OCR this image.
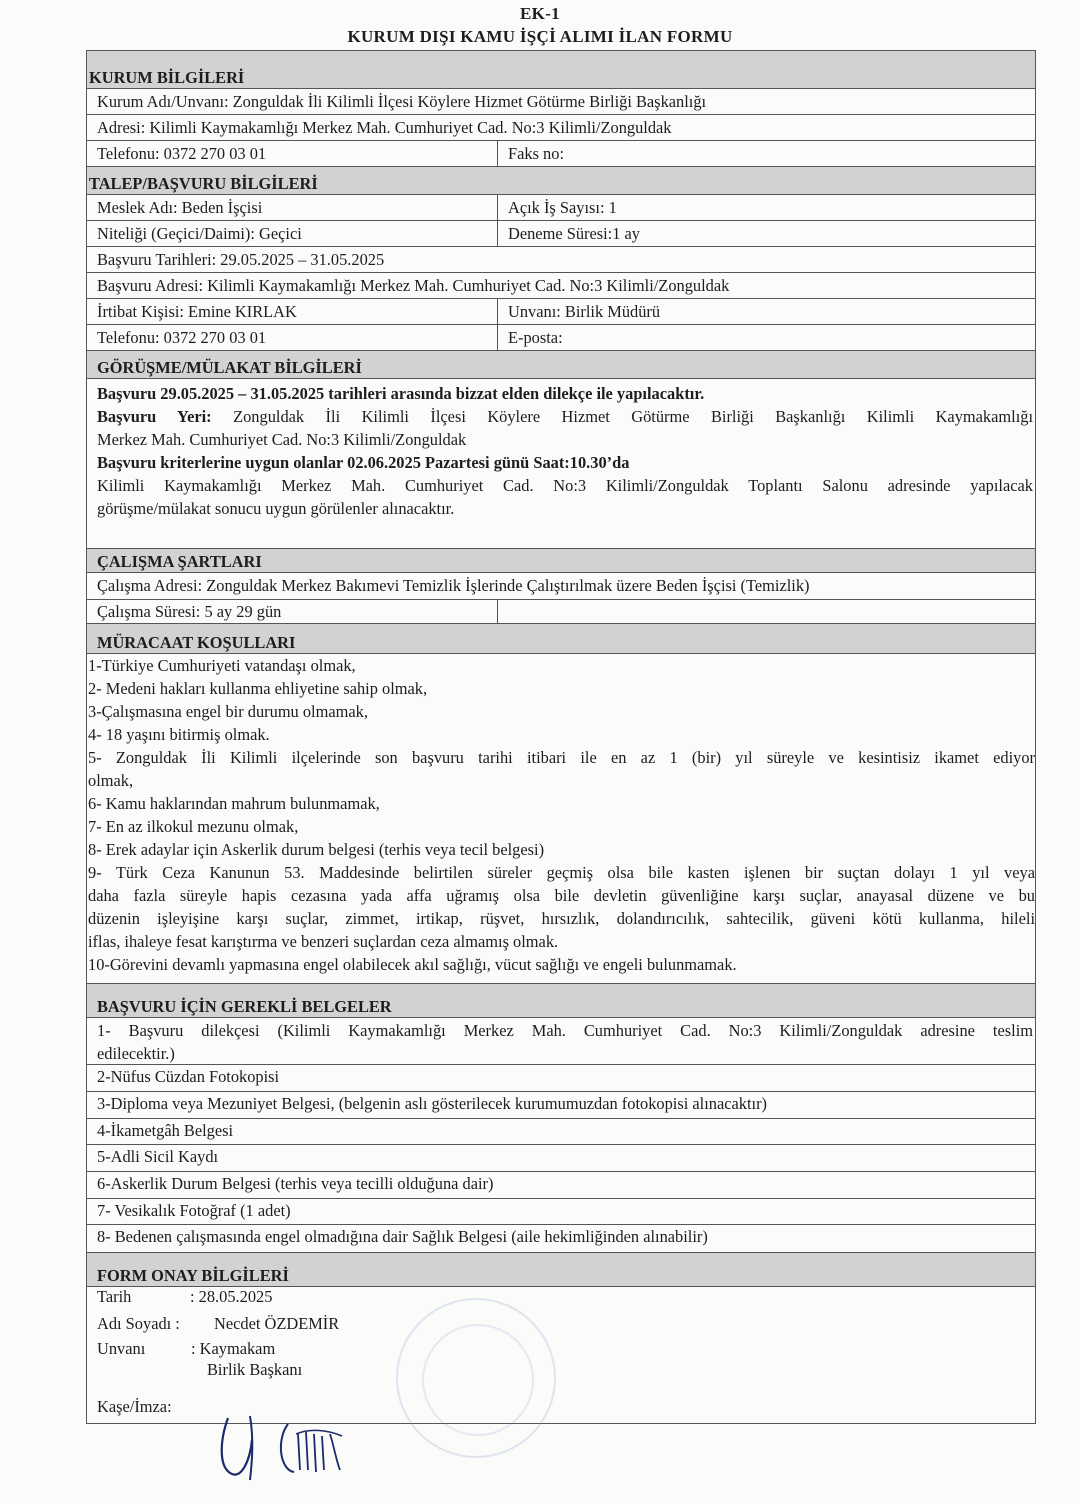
EK-1
KURUM DIŞI KAMU İŞÇİ ALIMI İLAN FORMU
KURUM BİLGİLERİ
Kurum Adı/Unvanı: Zonguldak İli Kilimli İlçesi Köylere Hizmet Götürme Birliği Başkanlığı
Adresi: Kilimli Kaymakamlığı Merkez Mah. Cumhuriyet Cad. No:3 Kilimli/Zonguldak
Telefonu: 0372 270 03 01	Faks no:
TALEP/BAŞVURU BİLGİLERİ
Meslek Adı: Beden İşçisi	Açık İş Sayısı: 1
Niteliği (Geçici/Daimi): Geçici	Deneme Süresi:1 ay
Başvuru Tarihleri: 29.05.2025 – 31.05.2025
Başvuru Adresi: Kilimli Kaymakamlığı Merkez Mah. Cumhuriyet Cad. No:3 Kilimli/Zonguldak
İrtibat Kişisi: Emine KIRLAK	Unvanı: Birlik Müdürü
Telefonu: 0372 270 03 01	E-posta:
GÖRÜŞME/MÜLAKAT BİLGİLERİ
Başvuru 29.05.2025 – 31.05.2025 tarihleri arasında bizzat elden dilekçe ile yapılacaktır.
Başvuru Yeri: Zonguldak İli Kilimli İlçesi Köylere Hizmet Götürme Birliği Başkanlığı Kilimli Kaymakamlığı
Merkez Mah. Cumhuriyet Cad. No:3 Kilimli/Zonguldak
Başvuru kriterlerine uygun olanlar 02.06.2025 Pazartesi günü Saat:10.30’da
Kilimli Kaymakamlığı Merkez Mah. Cumhuriyet Cad. No:3 Kilimli/Zonguldak Toplantı Salonu adresinde yapılacak
görüşme/mülakat sonucu uygun görülenler alınacaktır.
ÇALIŞMA ŞARTLARI
Çalışma Adresi: Zonguldak Merkez Bakımevi Temizlik İşlerinde Çalıştırılmak üzere Beden İşçisi (Temizlik)
Çalışma Süresi: 5 ay 29 gün
MÜRACAAT KOŞULLARI
1-Türkiye Cumhuriyeti vatandaşı olmak,
2- Medeni hakları kullanma ehliyetine sahip olmak,
3-Çalışmasına engel bir durumu olmamak,
4- 18 yaşını bitirmiş olmak.
5- Zonguldak İli Kilimli ilçelerinde son başvuru tarihi itibari ile en az 1 (bir) yıl süreyle ve kesintisiz ikamet ediyor
olmak,
6- Kamu haklarından mahrum bulunmamak,
7- En az ilkokul mezunu olmak,
8- Erek adaylar için Askerlik durum belgesi (terhis veya tecil belgesi)
9- Türk Ceza Kanunun 53. Maddesinde belirtilen süreler geçmiş olsa bile kasten işlenen bir suçtan dolayı 1 yıl veya
daha fazla süreyle hapis cezasına yada affa uğramış olsa bile devletin güvenliğine karşı suçlar, anayasal düzene ve bu
düzenin işleyişine karşı suçlar, zimmet, irtikap, rüşvet, hırsızlık, dolandırıcılık, sahtecilik, güveni kötü kullanma, hileli
iflas, ihaleye fesat karıştırma ve benzeri suçlardan ceza almamış olmak.
10-Görevini devamlı yapmasına engel olabilecek akıl sağlığı, vücut sağlığı ve engeli bulunmamak.
BAŞVURU İÇİN GEREKLİ BELGELER
1- Başvuru dilekçesi (Kilimli Kaymakamlığı Merkez Mah. Cumhuriyet Cad. No:3 Kilimli/Zonguldak adresine teslim
edilecektir.)
2-Nüfus Cüzdan Fotokopisi
3-Diploma veya Mezuniyet Belgesi, (belgenin aslı gösterilecek kurumumuzdan fotokopisi alınacaktır)
4-İkametgâh Belgesi
5-Adli Sicil Kaydı
6-Askerlik Durum Belgesi (terhis veya tecilli olduğuna dair)
7- Vesikalık Fotoğraf (1 adet)
8- Bedenen çalışmasında engel olmadığına dair Sağlık Belgesi (aile hekimliğinden alınabilir)
FORM ONAY BİLGİLERİ
Tarih	: 28.05.2025
Adı Soyadı : Necdet ÖZDEMİR
Unvanı	: Kaymakam
Birlik Başkanı
Kaşe/İmza:
